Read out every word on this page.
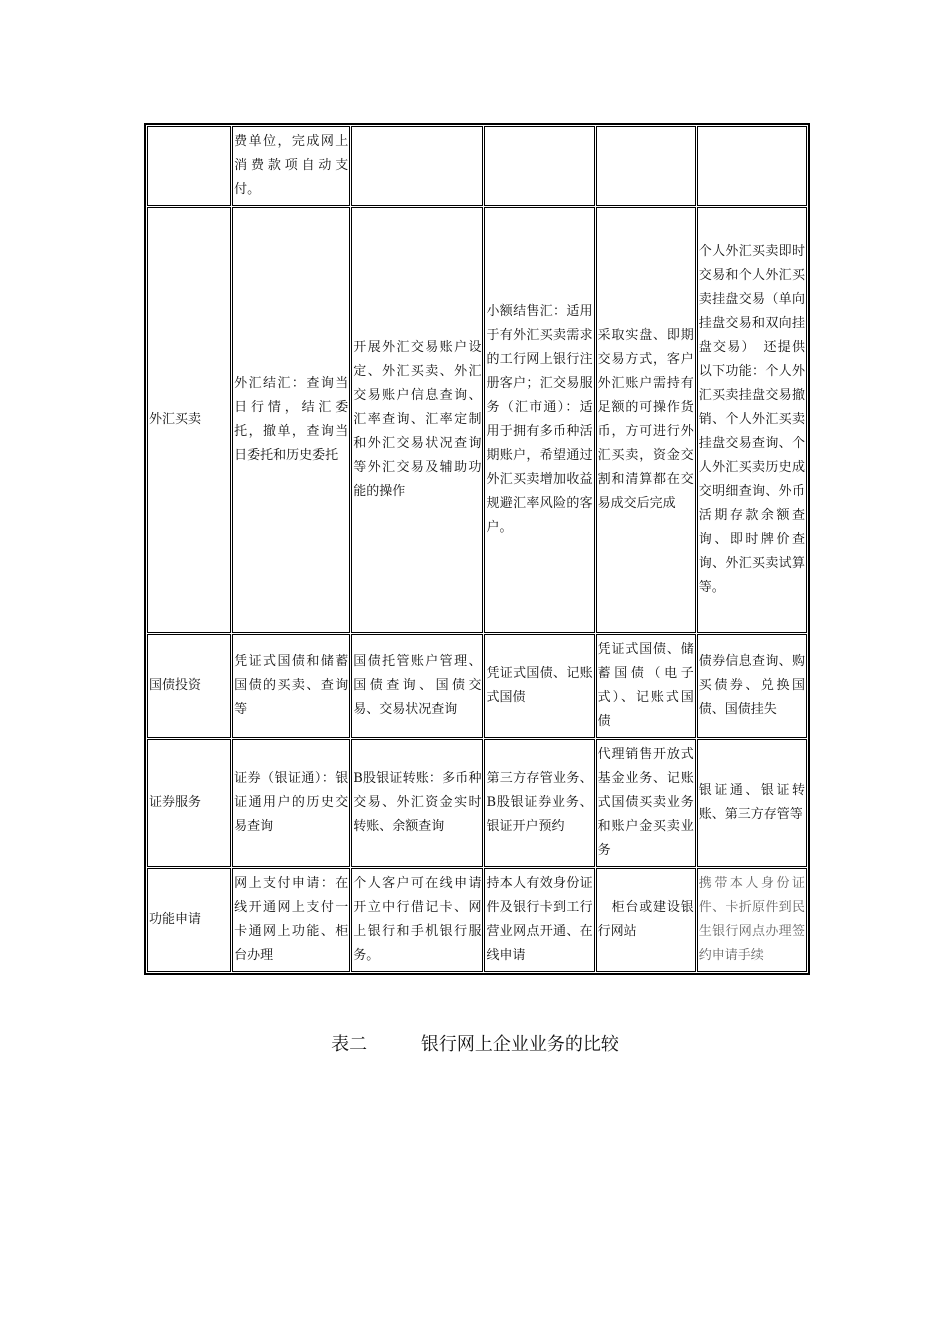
	费单位，完成网上消费款项自动支付。				
外汇买卖	外汇结汇：查询当日行情，结汇委托，撤单，查询当日委托和历史委托	开展外汇交易账户设定、外汇买卖、外汇交易账户信息查询、汇率查询、汇率定制和外汇交易状况查询等外汇交易及辅助功能的操作	小额结售汇：适用于有外汇买卖需求的工行网上银行注册客户；汇交易服务（汇市通）：适用于拥有多币种活期账户，希望通过外汇买卖增加收益规避汇率风险的客户。	采取实盘、即期交易方式，客户外汇账户需持有足额的可操作货币，方可进行外汇买卖，资金交割和清算都在交易成交后完成	个人外汇买卖即时交易和个人外汇买卖挂盘交易（单向挂盘交易和双向挂盘交易）　还提供以下功能：个人外汇买卖挂盘交易撤销、个人外汇买卖挂盘交易查询、个人外汇买卖历史成交明细查询、外币活期存款余额查询、即时牌价查询、外汇买卖试算等。
国债投资	凭证式国债和储蓄国债的买卖、查询等	国债托管账户管理、国债查询、国债交易、交易状况查询	凭证式国债、记账式国债	凭证式国债、储蓄国债（电子式）、记账式国债	债券信息查询、购买债券、兑换国债、国债挂失
证券服务	证券（银证通）：银证通用户的历史交易查询	B股银证转账：多币种交易、外汇资金实时转账、余额查询	第三方存管业务、B股银证券业务、银证开户预约	代理销售开放式基金业务、记账式国债买卖业务和账户金买卖业务	银证通、银证转账、第三方存管等
功能申请	网上支付申请：在线开通网上支付一卡通网上功能、柜台办理	个人客户可在线申请开立中行借记卡、网上银行和手机银行服务。	持本人有效身份证件及银行卡到工行营业网点开通、在线申请	　柜台或建设银行网站	携带本人身份证件、卡折原件到民生银行网点办理签约申请手续
表二	银行网上企业业务的比较
